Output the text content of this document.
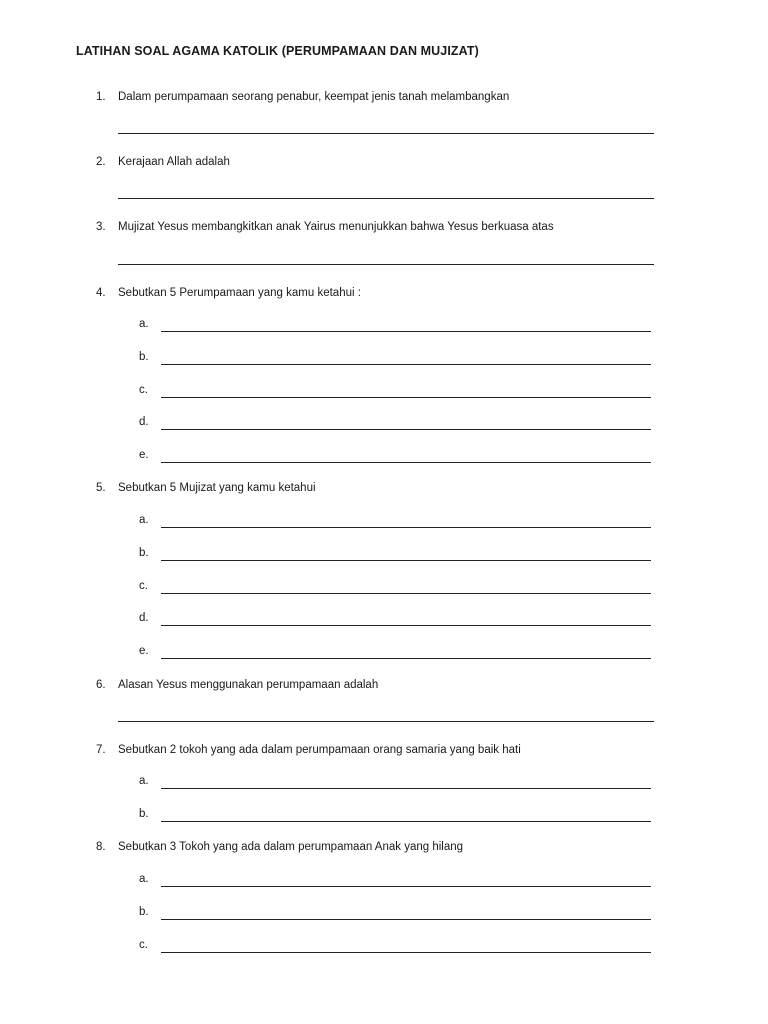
LATIHAN SOAL AGAMA KATOLIK (PERUMPAMAAN DAN MUJIZAT)
1.	Dalam perumpamaan seorang penabur, keempat jenis tanah melambangkan
2.	Kerajaan Allah adalah
3.	Mujizat Yesus membangkitkan anak Yairus menunjukkan bahwa Yesus berkuasa atas
4.	Sebutkan 5 Perumpamaan yang kamu ketahui :
a.
b.
c.
d.
e.
5.	Sebutkan 5 Mujizat yang kamu ketahui
a.
b.
c.
d.
e.
6.	Alasan Yesus menggunakan perumpamaan adalah
7.	Sebutkan 2 tokoh yang ada dalam perumpamaan orang samaria yang baik hati
a.
b.
8.	Sebutkan 3 Tokoh yang ada dalam perumpamaan Anak yang hilang
a.
b.
c.
